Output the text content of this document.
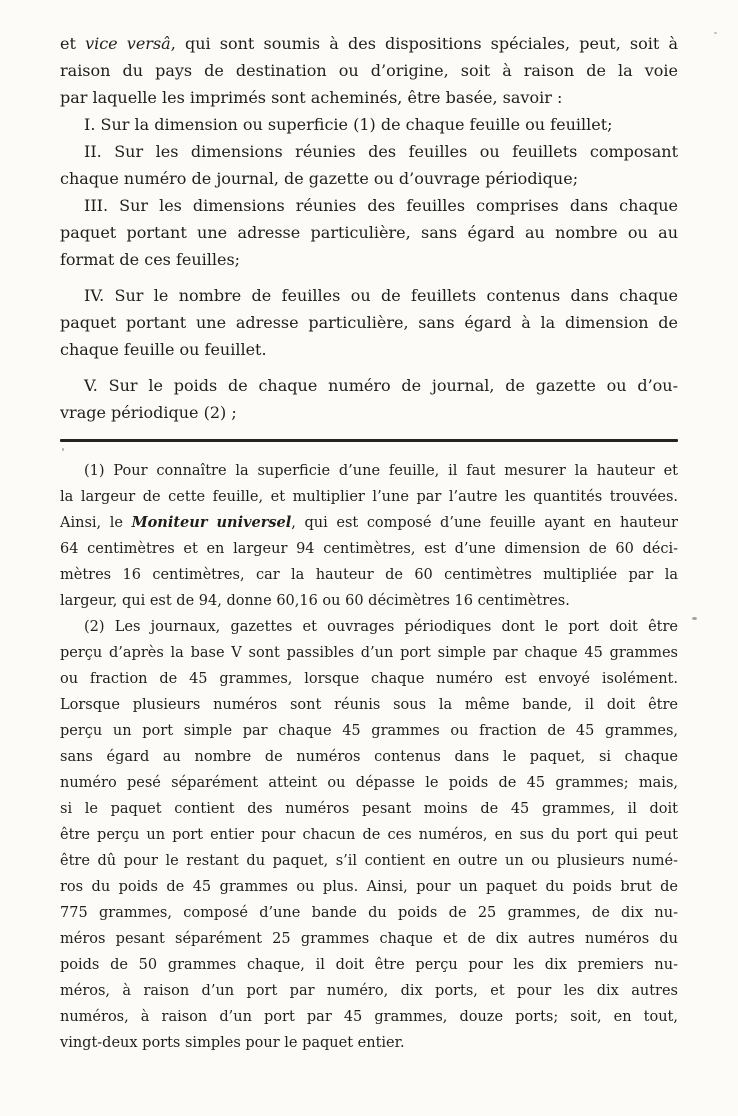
et vice versâ, qui sont soumis à des dispositions spéciales, peut, soit à
raison du pays de destination ou d’origine, soit à raison de la voie
par laquelle les imprimés sont acheminés, être basée, savoir :
I. Sur la dimension ou superficie (1) de chaque feuille ou feuillet;
II. Sur les dimensions réunies des feuilles ou feuillets composant
chaque numéro de journal, de gazette ou d’ouvrage périodique;
III. Sur les dimensions réunies des feuilles comprises dans chaque
paquet portant une adresse particulière, sans égard au nombre ou au
format de ces feuilles;
IV. Sur le nombre de feuilles ou de feuillets contenus dans chaque
paquet portant une adresse particulière, sans égard à la dimension de
chaque feuille ou feuillet.
V. Sur le poids de chaque numéro de journal, de gazette ou d’ou-
vrage périodique (2) ;
(1) Pour connaître la superficie d’une feuille, il faut mesurer la hauteur et
la largeur de cette feuille, et multiplier l’une par l’autre les quantités trouvées.
Ainsi, le Moniteur universel, qui est composé d’une feuille ayant en hauteur
64 centimètres et en largeur 94 centimètres, est d’une dimension de 60 déci-
mètres 16 centimètres, car la hauteur de 60 centimètres multipliée par la
largeur, qui est de 94, donne 60,16 ou 60 décimètres 16 centimètres.
(2) Les journaux, gazettes et ouvrages périodiques dont le port doit être
perçu d’après la base V sont passibles d’un port simple par chaque 45 grammes
ou fraction de 45 grammes, lorsque chaque numéro est envoyé isolément.
Lorsque plusieurs numéros sont réunis sous la même bande, il doit être
perçu un port simple par chaque 45 grammes ou fraction de 45 grammes,
sans égard au nombre de numéros contenus dans le paquet, si chaque
numéro pesé séparément atteint ou dépasse le poids de 45 grammes; mais,
si le paquet contient des numéros pesant moins de 45 grammes, il doit
être perçu un port entier pour chacun de ces numéros, en sus du port qui peut
être dû pour le restant du paquet, s’il contient en outre un ou plusieurs numé-
ros du poids de 45 grammes ou plus. Ainsi, pour un paquet du poids brut de
775 grammes, composé d’une bande du poids de 25 grammes, de dix nu-
méros pesant séparément 25 grammes chaque et de dix autres numéros du
poids de 50 grammes chaque, il doit être perçu pour les dix premiers nu-
méros, à raison d’un port par numéro, dix ports, et pour les dix autres
numéros, à raison d’un port par 45 grammes, douze ports; soit, en tout,
vingt-deux ports simples pour le paquet entier.
